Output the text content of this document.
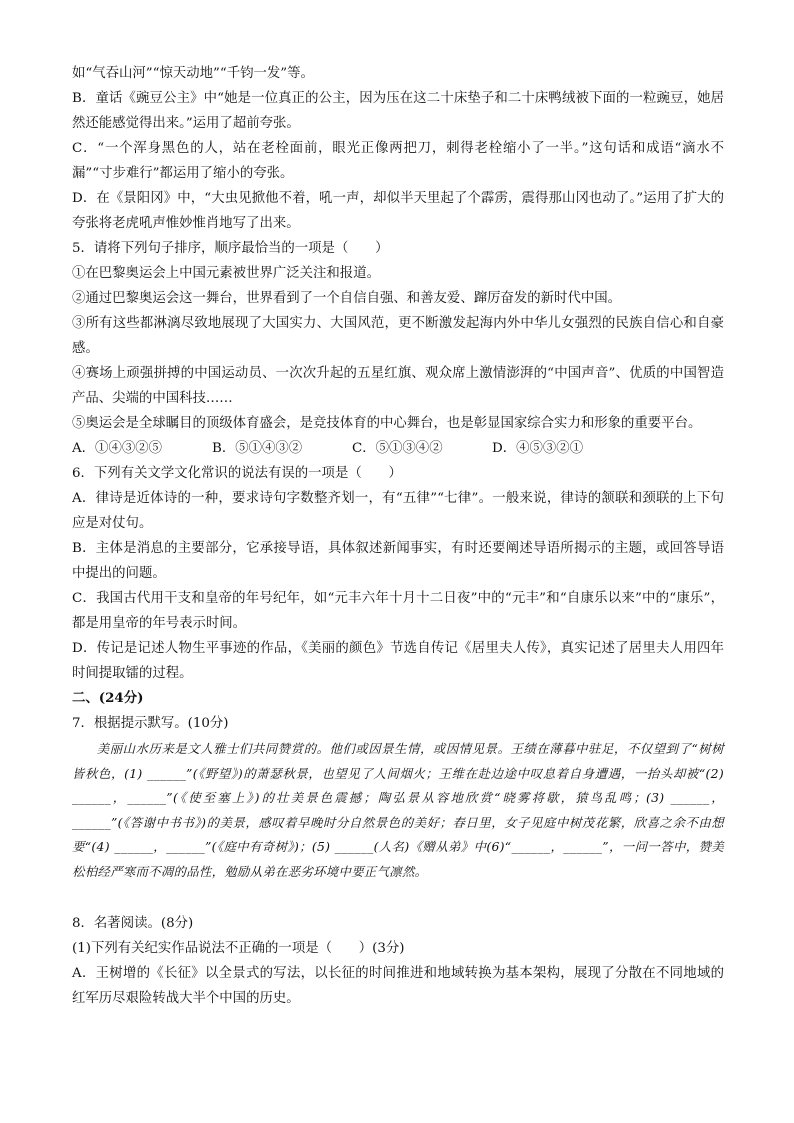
如“气吞山河”“惊天动地”“千钧一发”等。
B．童话《豌豆公主》中“她是一位真正的公主，因为压在这二十床垫子和二十床鸭绒被下面的一粒豌豆，她居然还能感觉得出来。”运用了超前夸张。
C．“一个浑身黑色的人，站在老栓面前，眼光正像两把刀，刺得老栓缩小了一半。”这句话和成语“滴水不漏”“寸步难行”都运用了缩小的夸张。
D．在《景阳冈》中，“大虫见掀他不着，吼一声，却似半天里起了个霹雳，震得那山冈也动了。”运用了扩大的夸张将老虎吼声惟妙惟肖地写了出来。
5．请将下列句子排序，顺序最恰当的一项是（　　）
①在巴黎奥运会上中国元素被世界广泛关注和报道。
②通过巴黎奥运会这一舞台，世界看到了一个自信自强、和善友爱、蹿厉奋发的新时代中国。
③所有这些都淋漓尽致地展现了大国实力、大国风范，更不断激发起海内外中华儿女强烈的民族自信心和自豪感。
④赛场上顽强拼搏的中国运动员、一次次升起的五星红旗、观众席上激情澎湃的“中国声音”、优质的中国智造产品、尖端的中国科技……
⑤奥运会是全球瞩目的顶级体育盛会，是竞技体育的中心舞台，也是彰显国家综合实力和形象的重要平台。
A．①④③②⑤	B．⑤①④③②	C．⑤①③④②	D．④⑤③②①
6．下列有关文学文化常识的说法有误的一项是（　　）
A．律诗是近体诗的一种，要求诗句字数整齐划一，有“五律”“七律”。一般来说，律诗的颔联和颈联的上下句应是对仗句。
B．主体是消息的主要部分，它承接导语，具体叙述新闻事实，有时还要阐述导语所揭示的主题，或回答导语中提出的问题。
C．我国古代用干支和皇帝的年号纪年，如“元丰六年十月十二日夜”中的“元丰”和“自康乐以来”中的“康乐”，都是用皇帝的年号表示时间。
D．传记是记述人物生平事迹的作品，《美丽的颜色》节选自传记《居里夫人传》，真实记述了居里夫人用四年时间提取镭的过程。
二、(24分)
7．根据提示默写。(10分)
美丽山水历来是文人雅士们共同赞赏的。他们或因景生情，或因情见景。王绩在薄暮中驻足，不仅望到了“树树皆秋色，(1) ______”(《野望》)的萧瑟秋景，也望见了人间烟火；王维在赴边途中叹息着自身遭遇，一抬头却被“(2) ______，______”(《使至塞上》)的壮美景色震撼；陶弘景从容地欣赏“晓雾将歇，猿鸟乱鸣；(3) ______，______”(《答谢中书书》)的美景，感叹着早晚时分自然景色的美好；春日里，女子见庭中树茂花繁，欣喜之余不由想要“(4) ______，______”(《庭中有奇树》)；(5) ______(人名)《赠从弟》中(6)“______，______”，一问一答中，赞美松柏经严寒而不凋的品性，勉励从弟在恶劣环境中要正气凛然。
8．名著阅读。(8分)
(1)下列有关纪实作品说法不正确的一项是（　　）(3分)
A．王树增的《长征》以全景式的写法，以长征的时间推进和地域转换为基本架构，展现了分散在不同地域的红军历尽艰险转战大半个中国的历史。
